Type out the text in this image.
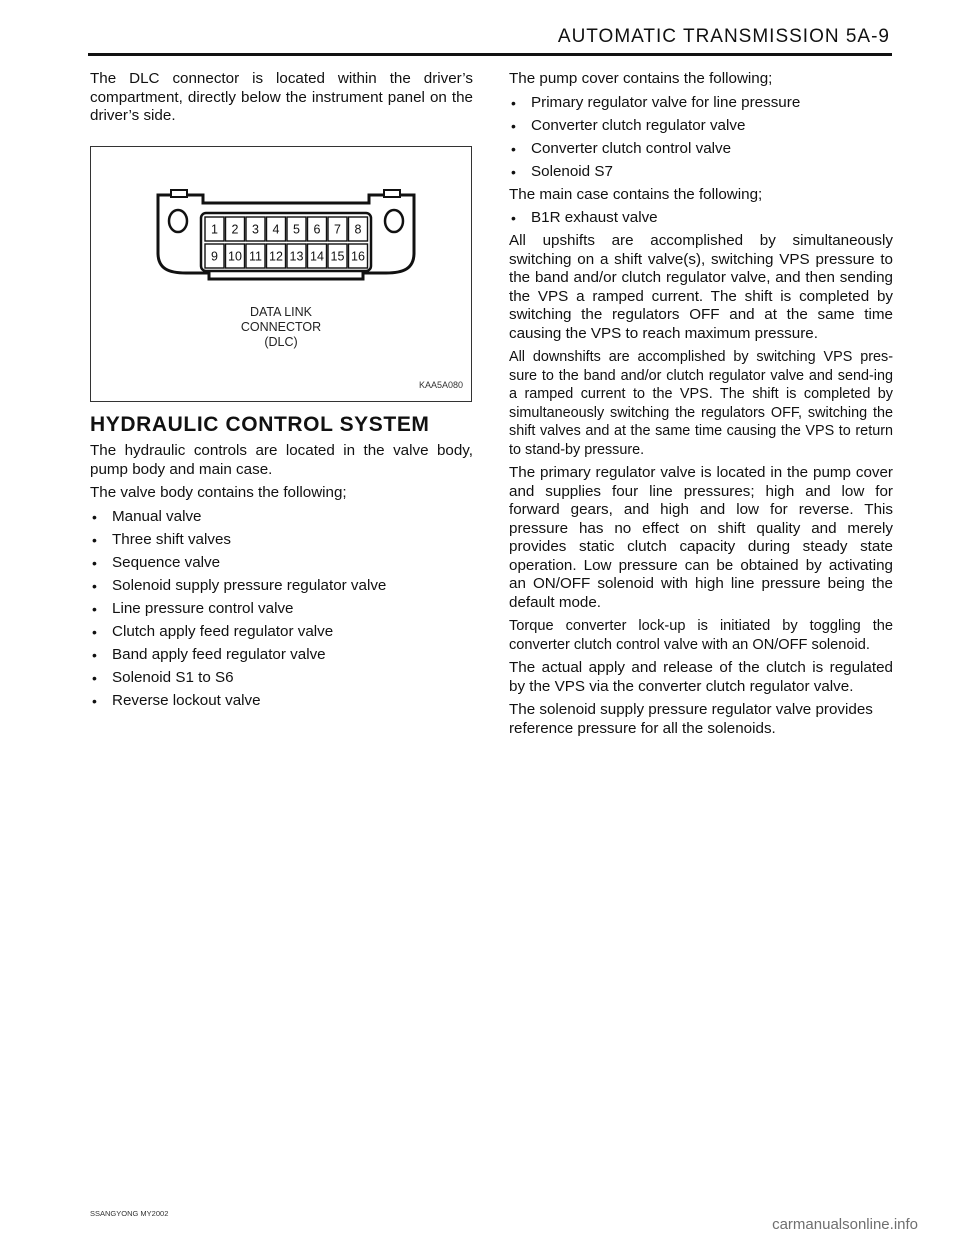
AUTOMATIC TRANSMISSION 5A-9

The DLC connector is located within the driver’s compartment, directly below the instrument panel on the driver’s side.

1 2 3 4 5 6 7 8
9 10 11 12 13 14 15 16
DATA LINK
CONNECTOR
(DLC)
KAA5A080
HYDRAULIC CONTROL SYSTEM

The hydraulic controls are located in the valve body, pump body and main case.

The valve body contains the following;

• Manual valve
• Three shift valves
• Sequence valve
• Solenoid supply pressure regulator valve
• Line pressure control valve
• Clutch apply feed regulator valve
• Band apply feed regulator valve
• Solenoid S1 to S6
• Reverse lockout valve

The pump cover contains the following;

• Primary regulator valve for line pressure
• Converter clutch regulator valve
• Converter clutch control valve
• Solenoid S7

The main case contains the following;

• B1R exhaust valve

All upshifts are accomplished by simultaneously switching on a shift valve(s), switching VPS pressure to the band and/or clutch regulator valve, and then sending the VPS a ramped current. The shift is completed by switching the regulators OFF and at the same time causing the VPS to reach maximum pressure.

All downshifts are accomplished by switching VPS pres-sure to the band and/or clutch regulator valve and send-ing a ramped current to the VPS. The shift is completed by simultaneously switching the regulators OFF, switching the shift valves and at the same time causing the VPS to return to stand-by pressure.

The primary regulator valve is located in the pump cover and supplies four line pressures; high and low for forward gears, and high and low for reverse. This pressure has no effect on shift quality and merely provides static clutch capacity during steady state operation. Low pressure can be obtained by activating an ON/OFF solenoid with high line pressure being the default mode.

Torque converter lock-up is initiated by toggling the converter clutch control valve with an ON/OFF solenoid.

The actual apply and release of the clutch is regulated by the VPS via the converter clutch regulator valve.

The solenoid supply pressure regulator valve provides reference pressure for all the solenoids.

SSANGYONG MY2002
carmanualsonline.info
